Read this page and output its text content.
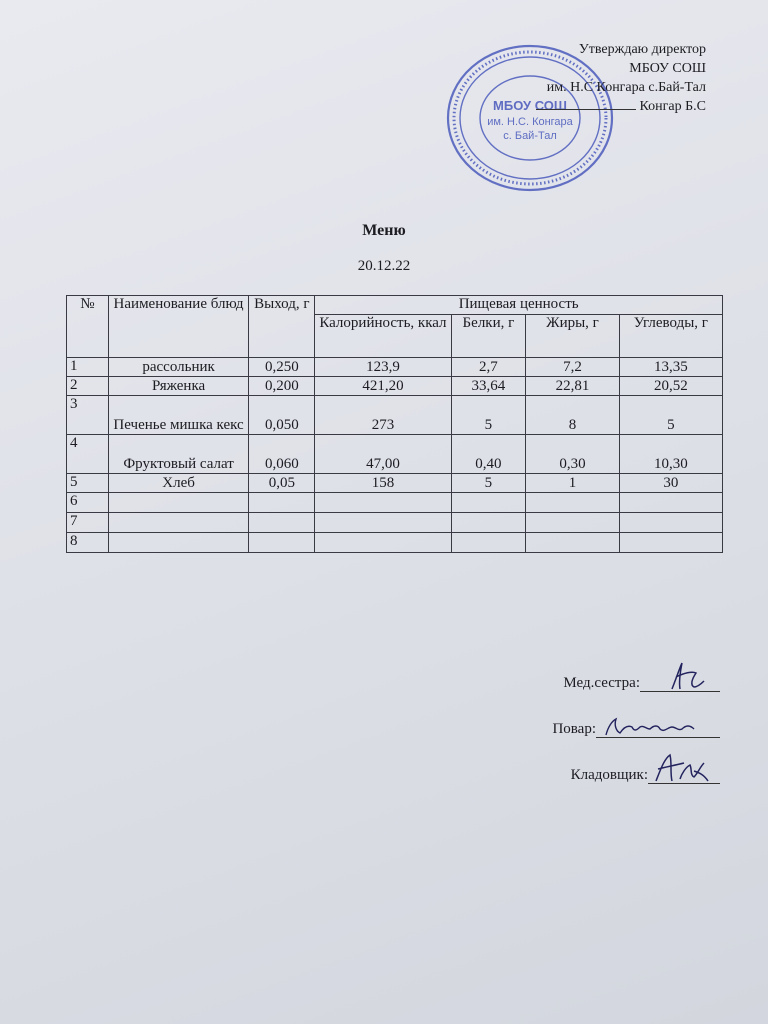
МБОУ СОШ
им. Н.С. Конгара
с. Бай-Тал
Утверждаю директор
МБОУ СОШ
им. Н.С Конгара с.Бай-Тал
Конгар Б.С
Меню
20.12.22
№	Наименование блюд	Выход, г	Пищевая ценность			
			Калорийность, ккал	Белки, г	Жиры, г	Углеводы, г
1	рассольник	0,250	123,9	2,7	7,2	13,35
2	Ряженка	0,200	421,20	33,64	22,81	20,52
3	Печенье мишка кекс	0,050	273	5	8	5
4	Фруктовый салат	0,060	47,00	0,40	0,30	10,30
5	Хлеб	0,05	158	5	1	30
6						
7						
8						
Мед.сестра:
Повар:
Кладовщик:
